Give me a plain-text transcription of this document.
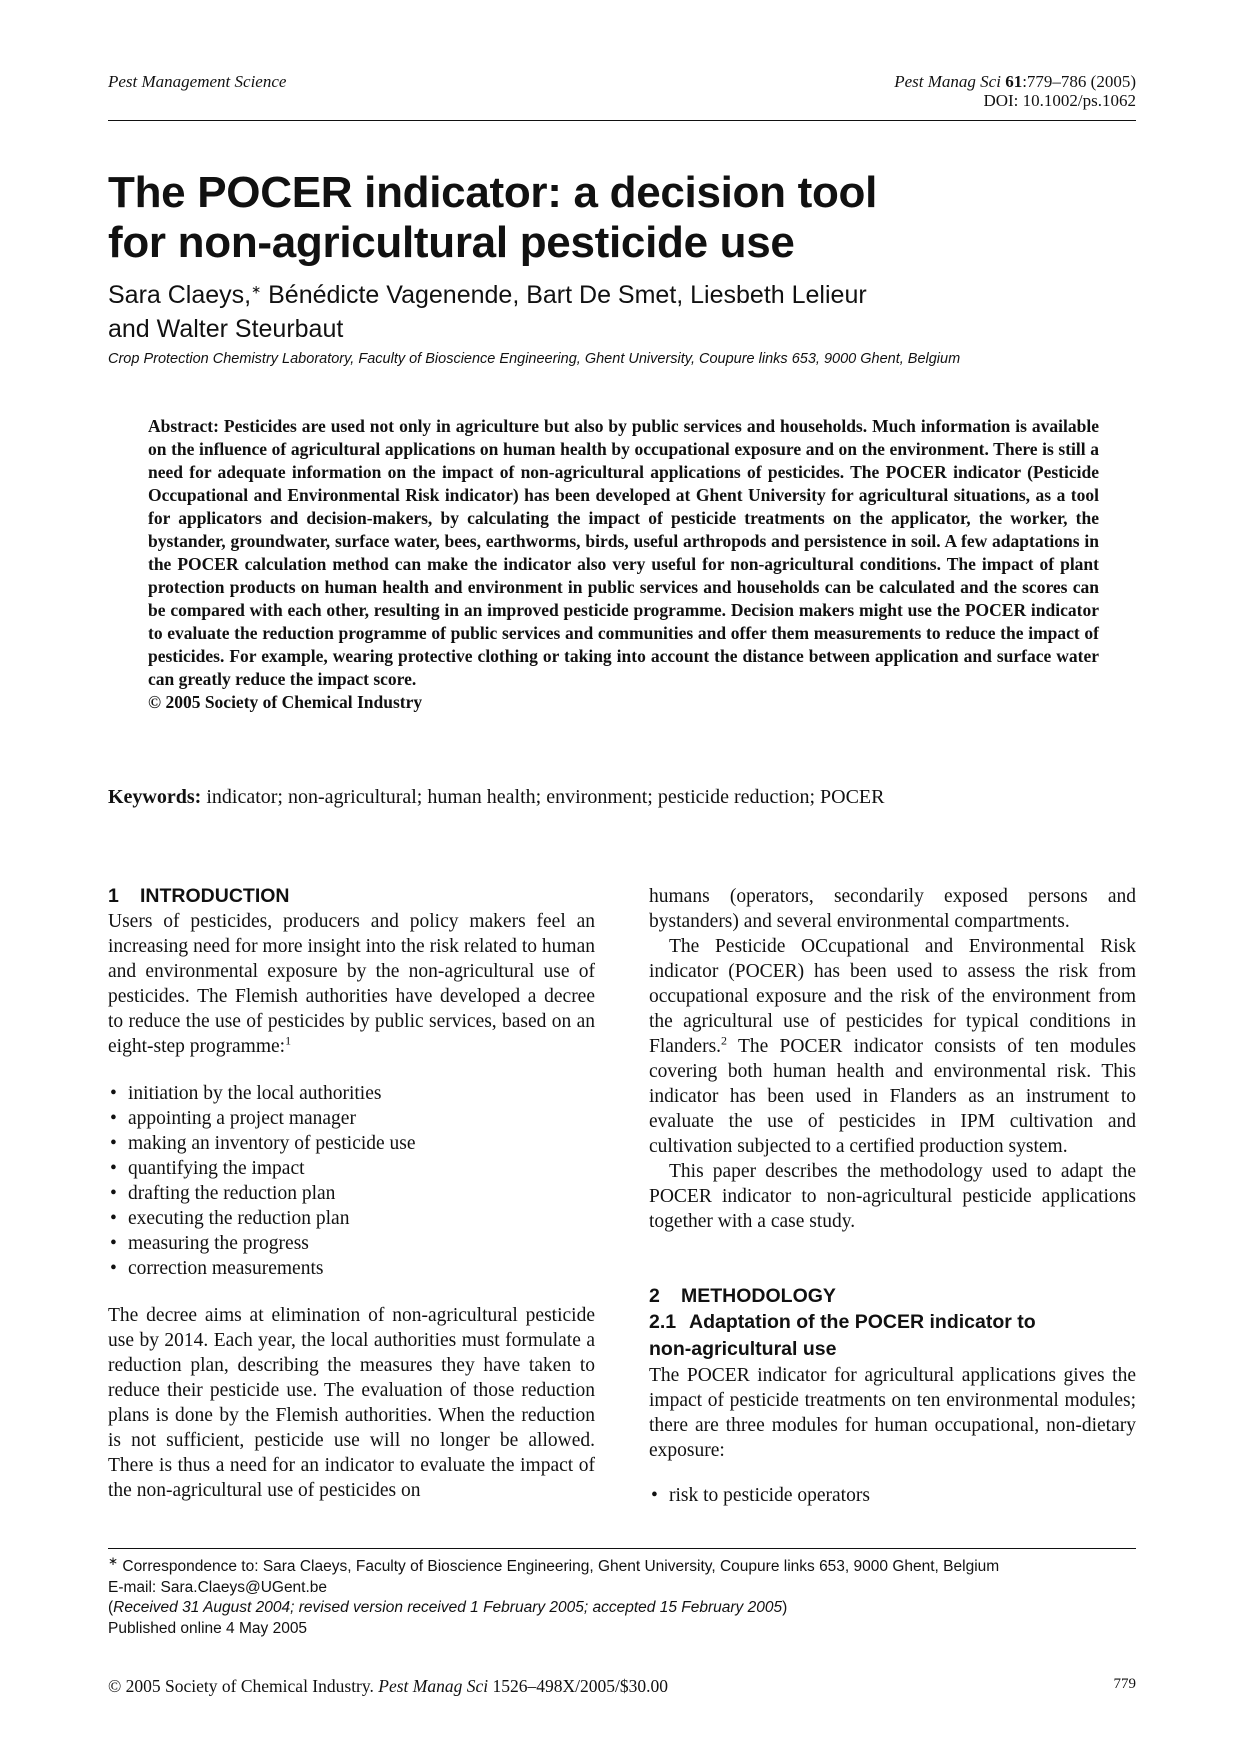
Pest Management Science	Pest Manag Sci 61:779–786 (2005)
DOI: 10.1002/ps.1062
The POCER indicator: a decision tool
for non-agricultural pesticide use
Sara Claeys,∗ Bénédicte Vagenende, Bart De Smet, Liesbeth Lelieur
and Walter Steurbaut
Crop Protection Chemistry Laboratory, Faculty of Bioscience Engineering, Ghent University, Coupure links 653, 9000 Ghent, Belgium
Abstract: Pesticides are used not only in agriculture but also by public services and households. Much information is available on the influence of agricultural applications on human health by occupational exposure and on the environment. There is still a need for adequate information on the impact of non-agricultural applications of pesticides. The POCER indicator (Pesticide Occupational and Environmental Risk indicator) has been developed at Ghent University for agricultural situations, as a tool for applicators and decision-makers, by calculating the impact of pesticide treatments on the applicator, the worker, the bystander, groundwater, surface water, bees, earthworms, birds, useful arthropods and persistence in soil. A few adaptations in the POCER calculation method can make the indicator also very useful for non-agricultural conditions. The impact of plant protection products on human health and environment in public services and households can be calculated and the scores can be compared with each other, resulting in an improved pesticide programme. Decision makers might use the POCER indicator to evaluate the reduction programme of public services and communities and offer them measurements to reduce the impact of pesticides. For example, wearing protective clothing or taking into account the distance between application and surface water can greatly reduce the impact score.
© 2005 Society of Chemical Industry
Keywords: indicator; non-agricultural; human health; environment; pesticide reduction; POCER
1 INTRODUCTION

Users of pesticides, producers and policy makers feel an increasing need for more insight into the risk related to human and environmental exposure by the non-agricultural use of pesticides. The Flemish authorities have developed a decree to reduce the use of pesticides by public services, based on an eight-step programme:$^1$

• initiation by the local authorities
• appointing a project manager
• making an inventory of pesticide use
• quantifying the impact
• drafting the reduction plan
• executing the reduction plan
• measuring the progress
• correction measurements

The decree aims at elimination of non-agricultural pesticide use by 2014. Each year, the local authorities must formulate a reduction plan, describing the measures they have taken to reduce their pesticide use. The evaluation of those reduction plans is done by the Flemish authorities. When the reduction is not sufficient, pesticide use will no longer be allowed. There is thus a need for an indicator to evaluate the impact of the non-agricultural use of pesticides on

humans (operators, secondarily exposed persons and bystanders) and several environmental compartments.

The Pesticide OCcupational and Environmental Risk indicator (POCER) has been used to assess the risk from occupational exposure and the risk of the environment from the agricultural use of pesticides for typical conditions in Flanders.$^2$ The POCER indicator consists of ten modules covering both human health and environmental risk. This indicator has been used in Flanders as an instrument to evaluate the use of pesticides in IPM cultivation and cultivation subjected to a certified production system.

This paper describes the methodology used to adapt the POCER indicator to non-agricultural pesticide applications together with a case study.

2 METHODOLOGY
2.1 Adaptation of the POCER indicator to
non-agricultural use

The POCER indicator for agricultural applications gives the impact of pesticide treatments on ten environmental modules; there are three modules for human occupational, non-dietary exposure:

• risk to pesticide operators
∗ Correspondence to: Sara Claeys, Faculty of Bioscience Engineering, Ghent University, Coupure links 653, 9000 Ghent, Belgium
E-mail: Sara.Claeys@UGent.be
(Received 31 August 2004; revised version received 1 February 2005; accepted 15 February 2005)
Published online 4 May 2005
© 2005 Society of Chemical Industry. Pest Manag Sci 1526–498X/2005/$30.00	779
